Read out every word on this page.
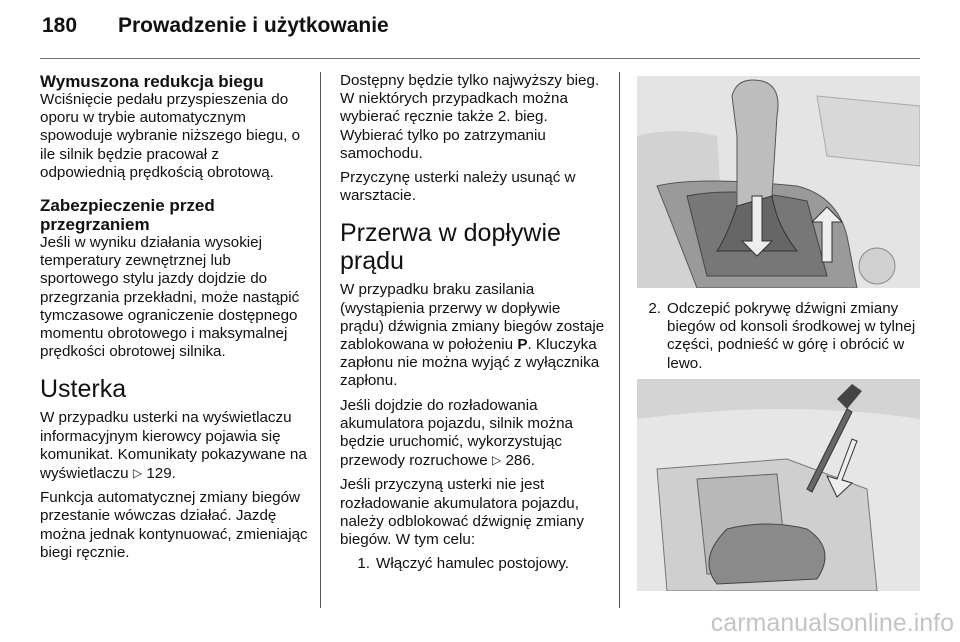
180	Prowadzenie i użytkowanie
Wymuszona redukcja biegu

Wciśnięcie pedału przyspieszenia do oporu w trybie automatycznym spowoduje wybranie niższego biegu, o ile silnik będzie pracował z odpowiednią prędkością obrotową.

Zabezpieczenie przed przegrzaniem

Jeśli w wyniku działania wysokiej temperatury zewnętrznej lub sportowego stylu jazdy dojdzie do przegrzania przekładni, może nastąpić tymczasowe ograniczenie dostępnego momentu obrotowego i maksymalnej prędkości obrotowej silnika.

Usterka

W przypadku usterki na wyświetlaczu informacyjnym kierowcy pojawia się komunikat. Komunikaty pokazywane na wyświetlaczu ▷ 129.

Funkcja automatycznej zmiany biegów przestanie wówczas działać. Jazdę można jednak kontynuować, zmieniając biegi ręcznie.

Dostępny będzie tylko najwyższy bieg. W niektórych przypadkach można wybierać ręcznie także 2. bieg. Wybierać tylko po zatrzymaniu samochodu.

Przyczynę usterki należy usunąć w warsztacie.

Przerwa w dopływie prądu

W przypadku braku zasilania (wystąpienia przerwy w dopływie prądu) dźwignia zmiany biegów zostaje zablokowana w położeniu P. Kluczyka zapłonu nie można wyjąć z wyłącznika zapłonu.

Jeśli dojdzie do rozładowania akumulatora pojazdu, silnik można będzie uruchomić, wykorzystując przewody rozruchowe ▷ 286.

Jeśli przyczyną usterki nie jest rozładowanie akumulatora pojazdu, należy odblokować dźwignię zmiany biegów. W tym celu:

1. Włączyć hamulec postojowy.
2. Odczepić pokrywę dźwigni zmiany biegów od konsoli środkowej w tylnej części, podnieść w górę i obrócić w lewo.
carmanualsonline.info
